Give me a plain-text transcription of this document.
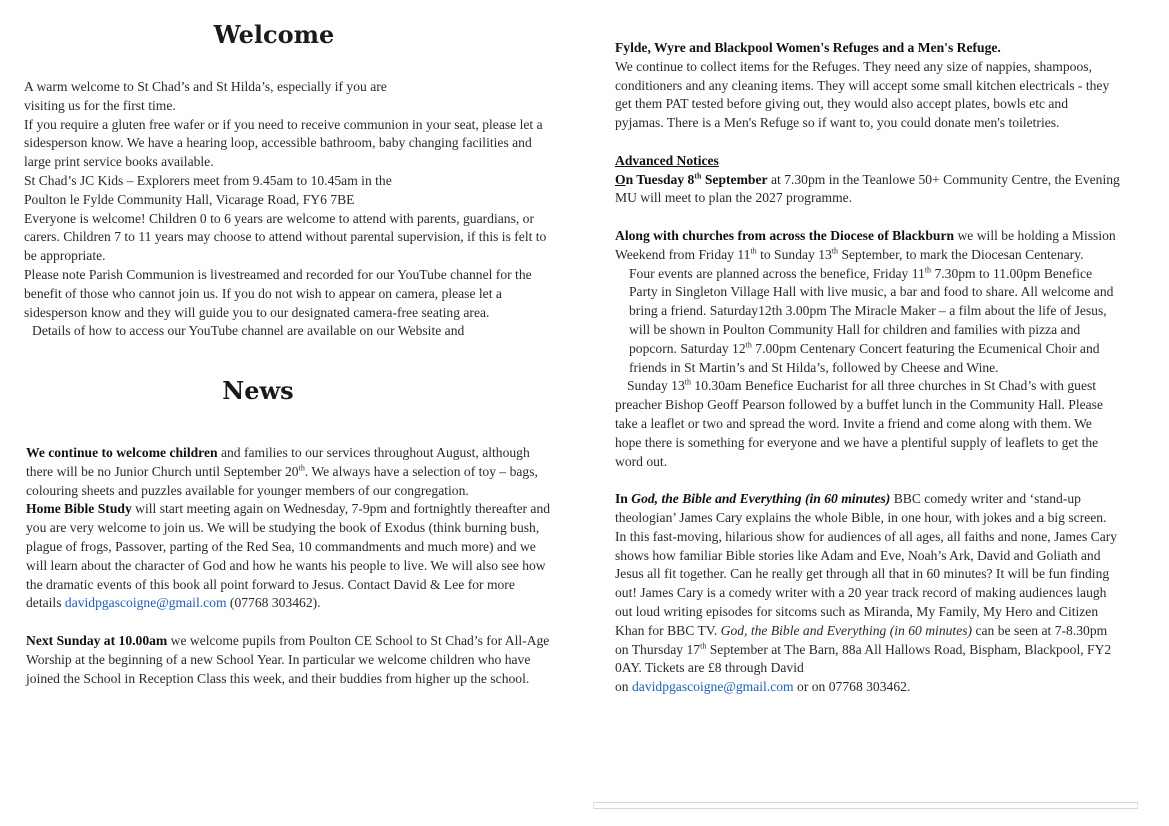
Welcome

A warm welcome to St Chad’s and St Hilda’s, especially if you are

visiting us for the first time.

If you require a gluten free wafer or if you need to receive communion in your seat, please let a sidesperson know. We have a hearing loop, accessible bathroom, baby changing facilities and large print service books available.

St Chad’s JC Kids – Explorers meet from 9.45am to 10.45am in the

Poulton le Fylde Community Hall, Vicarage Road, FY6 7BE

Everyone is welcome! Children 0 to 6 years are welcome to attend with parents, guardians, or carers. Children 7 to 11 years may choose to attend without parental supervision, if this is felt to be appropriate.

Please note Parish Communion is livestreamed and recorded for our YouTube channel for the benefit of those who cannot join us. If you do not wish to appear on camera, please let a sidesperson know and they will guide you to our designated camera-free seating area.

Details of how to access our YouTube channel are available on our Website and

News

We continue to welcome children and families to our services throughout August, although there will be no Junior Church until September 20th. We always have a selection of toy – bags, colouring sheets and puzzles available for younger members of our congregation.

Home Bible Study will start meeting again on Wednesday, 7-9pm and fortnightly thereafter and you are very welcome to join us. We will be studying the book of Exodus (think burning bush, plague of frogs, Passover, parting of the Red Sea, 10 commandments and much more) and we will learn about the character of God and how he wants his people to live. We will also see how the dramatic events of this book all point forward to Jesus. Contact David & Lee for more
details davidpgascoigne@gmail.com (07768 303462).

Next Sunday at 10.00am we welcome pupils from Poulton CE School to St Chad’s for All-Age Worship at the beginning of a new School Year. In particular we welcome children who have joined the School in Reception Class this week, and their buddies from higher up the school.

Fylde, Wyre and Blackpool Women's Refuges and a Men's Refuge.

We continue to collect items for the Refuges. They need any size of nappies, shampoos, conditioners and any cleaning items. They will accept some small kitchen electricals - they get them PAT tested before giving out, they would also accept plates, bowls etc and pyjamas. There is a Men's Refuge so if want to, you could donate men's toiletries.

Advanced Notices

On Tuesday 8th September at 7.30pm in the Teanlowe 50+ Community Centre, the Evening MU will meet to plan the 2027 programme.

Along with churches from across the Diocese of Blackburn we will be holding a Mission Weekend from Friday 11th to Sunday 13th September, to mark the Diocesan Centenary.

Four events are planned across the benefice, Friday 11th 7.30pm to 11.00pm Benefice Party in Singleton Village Hall with live music, a bar and food to share. All welcome and bring a friend. Saturday12th 3.00pm The Miracle Maker – a film about the life of Jesus, will be shown in Poulton Community Hall for children and families with pizza and popcorn. Saturday 12th 7.00pm Centenary Concert featuring the Ecumenical Choir and friends in St Martin’s and St Hilda’s, followed by Cheese and Wine.

Sunday 13th 10.30am Benefice Eucharist for all three churches in St Chad’s with guest preacher Bishop Geoff Pearson followed by a buffet lunch in the Community Hall. Please take a leaflet or two and spread the word. Invite a friend and come along with them. We hope there is something for everyone and we have a plentiful supply of leaflets to get the word out.

In God, the Bible and Everything (in 60 minutes) BBC comedy writer and ‘stand-up theologian’ James Cary explains the whole Bible, in one hour, with jokes and a big screen. In this fast-moving, hilarious show for audiences of all ages, all faiths and none, James Cary shows how familiar Bible stories like Adam and Eve, Noah’s Ark, David and Goliath and Jesus all fit together. Can he really get through all that in 60 minutes? It will be fun finding out! James Cary is a comedy writer with a 20 year track record of making audiences laugh out loud writing episodes for sitcoms such as Miranda, My Family, My Hero and Citizen Khan for BBC TV. God, the Bible and Everything (in 60 minutes) can be seen at 7-8.30pm on Thursday 17th September at The Barn, 88a All Hallows Road, Bispham, Blackpool, FY2 0AY. Tickets are £8 through David
on davidpgascoigne@gmail.com or on 07768 303462.
